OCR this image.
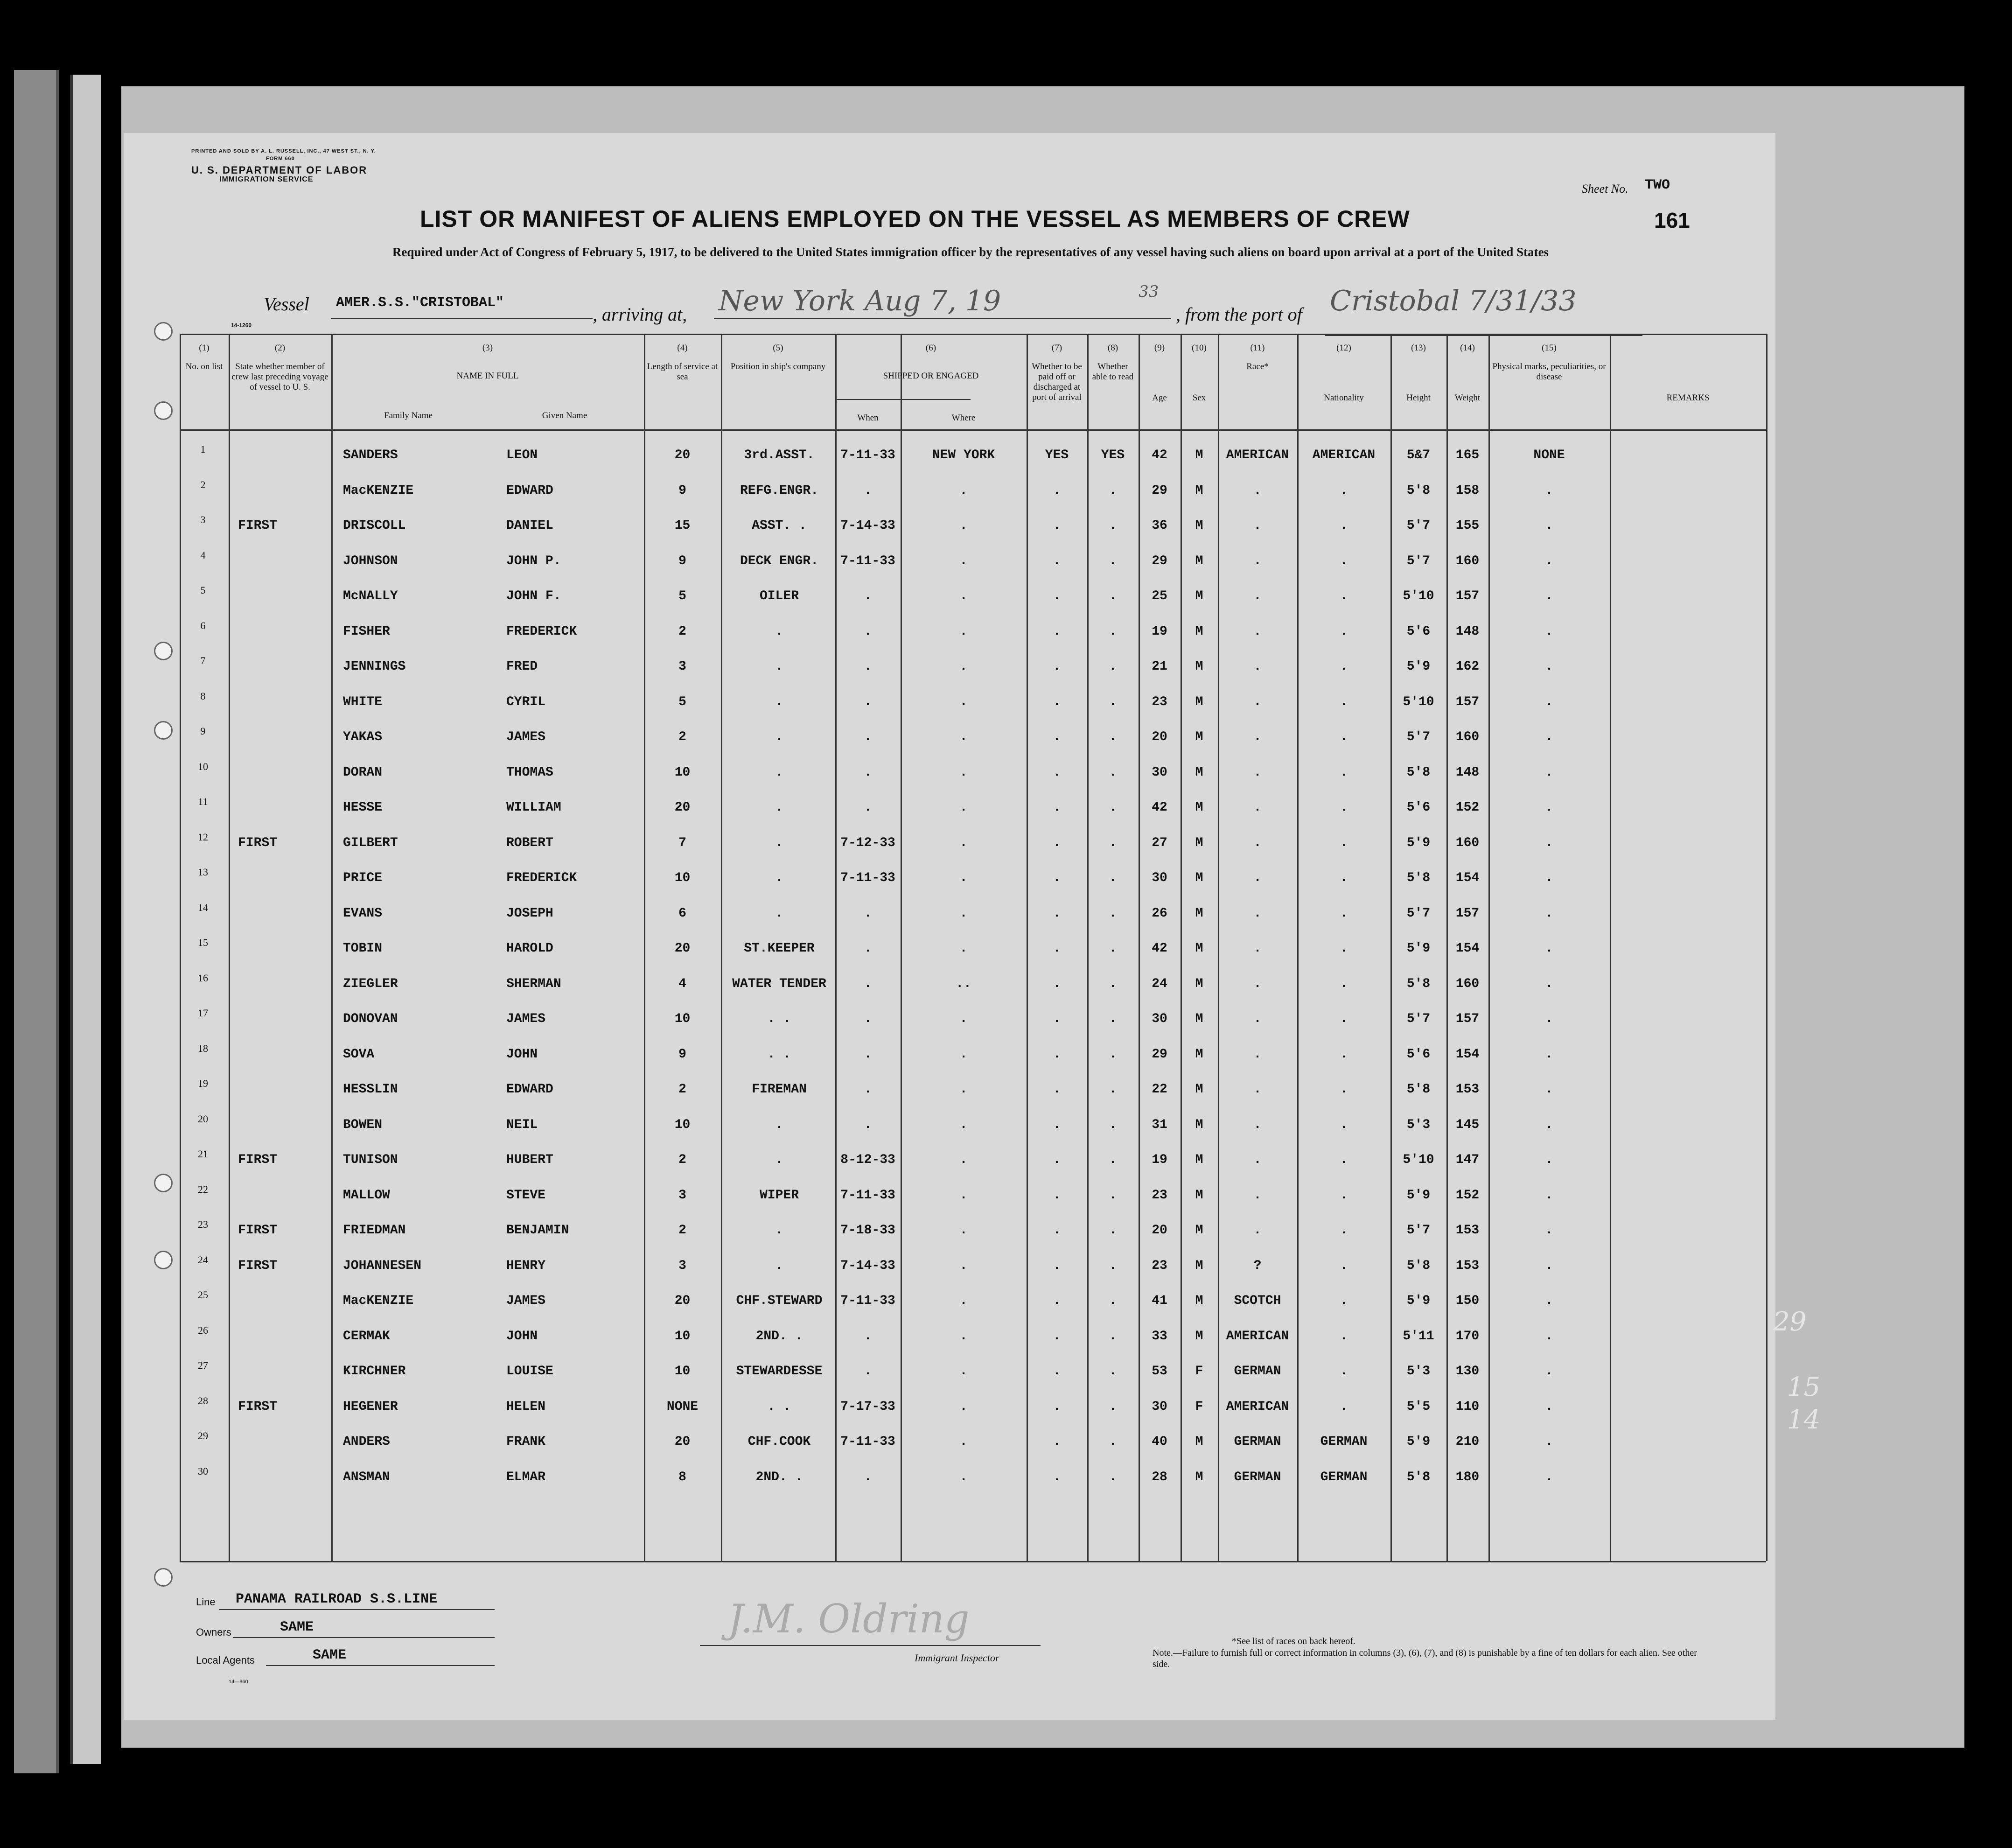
PRINTED AND SOLD BY A. L. RUSSELL, INC., 47 WEST ST., N. Y.
FORM 660
U. S. DEPARTMENT OF LABOR
IMMIGRATION SERVICE
Sheet No. TWO
161
LIST OR MANIFEST OF ALIENS EMPLOYED ON THE VESSEL AS MEMBERS OF CREW
Required under Act of Congress of February 5, 1917, to be delivered to the United States immigration officer by the representatives of any vessel having such aliens on board upon arrival at a port of the United States
14-1260
Vessel AMER.S.S."CRISTOBAL"
, arriving at, New York Aug 7, 19	33
, from the port of Cristobal 7/31/33
(1)
No. on list
(2)
State whether member of crew last preceding voyage of vessel to U. S.
(3)
NAME IN FULL
(4)
Length of service at sea
(5)
Position in ship's company
(6)
SHIPPED OR ENGAGED
(7)
Whether to be paid off or discharged at port of arrival
(8)
Whether able to read
(9)
Age
(10)
Sex
(11)
Race*
(12)
Nationality
(13)
Height
(14)
Weight
(15)
Physical marks, peculiarities, or disease
REMARKS
Family Name	Given Name	When	Where
1	SANDERS	LEON	20	3rd.ASST.	7-11-33	NEW YORK	YES	YES	42	M	AMERICAN	AMERICAN	5&7	165	NONE
2	MacKENZIE	EDWARD	9	REFG.ENGR.	.	.	.	.	29	M	.	.	5'8	158	.
3	FIRST	DRISCOLL	DANIEL	15	ASST. .	7-14-33	.	.	.	36	M	.	.	5'7	155	.
4	JOHNSON	JOHN P.	9	DECK ENGR.	7-11-33	.	.	.	29	M	.	.	5'7	160	.
5	McNALLY	JOHN F.	5	OILER	.	.	.	.	25	M	.	.	5'10	157	.
6	FISHER	FREDERICK	2	.	.	.	.	.	19	M	.	.	5'6	148	.
7	JENNINGS	FRED	3	.	.	.	.	.	21	M	.	.	5'9	162	.
8	WHITE	CYRIL	5	.	.	.	.	.	23	M	.	.	5'10	157	.
9	YAKAS	JAMES	2	.	.	.	.	.	20	M	.	.	5'7	160	.
10	DORAN	THOMAS	10	.	.	.	.	.	30	M	.	.	5'8	148	.
11	HESSE	WILLIAM	20	.	.	.	.	.	42	M	.	.	5'6	152	.
12	FIRST	GILBERT	ROBERT	7	.	7-12-33	.	.	.	27	M	.	.	5'9	160	.
13	PRICE	FREDERICK	10	.	7-11-33	.	.	.	30	M	.	.	5'8	154	.
14	EVANS	JOSEPH	6	.	.	.	.	.	26	M	.	.	5'7	157	.
15	TOBIN	HAROLD	20	ST.KEEPER	.	.	.	.	42	M	.	.	5'9	154	.
16	ZIEGLER	SHERMAN	4	WATER TENDER	.	..	.	.	24	M	.	.	5'8	160	.
17	DONOVAN	JAMES	10	. .	.	.	.	.	30	M	.	.	5'7	157	.
18	SOVA	JOHN	9	. .	.	.	.	.	29	M	.	.	5'6	154	.
19	HESSLIN	EDWARD	2	FIREMAN	.	.	.	.	22	M	.	.	5'8	153	.
20	BOWEN	NEIL	10	.	.	.	.	.	31	M	.	.	5'3	145	.
21	FIRST	TUNISON	HUBERT	2	.	8-12-33	.	.	.	19	M	.	.	5'10	147	.
22	MALLOW	STEVE	3	WIPER	7-11-33	.	.	.	23	M	.	.	5'9	152	.
23	FIRST	FRIEDMAN	BENJAMIN	2	.	7-18-33	.	.	.	20	M	.	.	5'7	153	.
24	FIRST	JOHANNESEN	HENRY	3	.	7-14-33	.	.	.	23	M	?	.	5'8	153	.
25	MacKENZIE	JAMES	20	CHF.STEWARD	7-11-33	.	.	.	41	M	SCOTCH	.	5'9	150	.
26	CERMAK	JOHN	10	2ND. .	.	.	.	.	33	M	AMERICAN	.	5'11	170	.
27	KIRCHNER	LOUISE	10	STEWARDESSE	.	.	.	.	53	F	GERMAN	.	5'3	130	.
28	FIRST	HEGENER	HELEN	NONE	. .	7-17-33	.	.	.	30	F	AMERICAN	.	5'5	110	.
29	ANDERS	FRANK	20	CHF.COOK	7-11-33	.	.	.	40	M	GERMAN	GERMAN	5'9	210	.
30	ANSMAN	ELMAR	8	2ND. .	.	.	.	.	28	M	GERMAN	GERMAN	5'8	180	.
Line PANAMA RAILROAD S.S.LINE
Owners	SAME
Local Agents	SAME
14—860
J.M. Oldring
Immigrant Inspector
*See list of races on back hereof.
Note.—Failure to furnish full or correct information in columns (3), (6), (7), and (8) is punishable by a fine of ten dollars for each alien. See other side.
29
15
14
